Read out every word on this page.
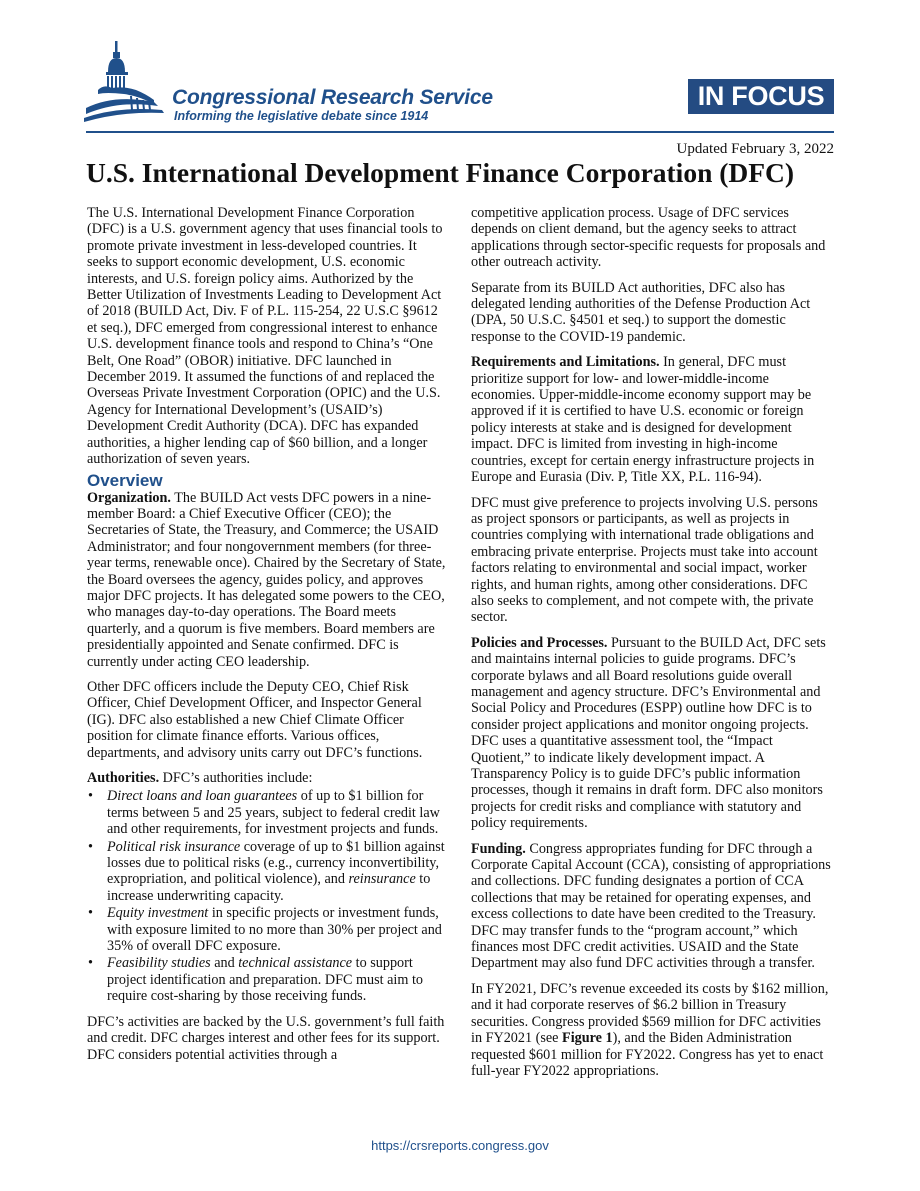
Congressional Research Service
Informing the legislative debate since 1914
IN FOCUS
Updated February 3, 2022
U.S. International Development Finance Corporation (DFC)

The U.S. International Development Finance Corporation (DFC) is a U.S. government agency that uses financial tools to promote private investment in less-developed countries. It seeks to support economic development, U.S. economic interests, and U.S. foreign policy aims. Authorized by the Better Utilization of Investments Leading to Development Act of 2018 (BUILD Act, Div. F of P.L. 115-254, 22 U.S.C §9612 et seq.), DFC emerged from congressional interest to enhance U.S. development finance tools and respond to China’s “One Belt, One Road” (OBOR) initiative. DFC launched in December 2019. It assumed the functions of and replaced the Overseas Private Investment Corporation (OPIC) and the U.S. Agency for International Development’s (USAID’s) Development Credit Authority (DCA). DFC has expanded authorities, a higher lending cap of $60 billion, and a longer authorization of seven years.

Overview

Organization. The BUILD Act vests DFC powers in a nine-member Board: a Chief Executive Officer (CEO); the Secretaries of State, the Treasury, and Commerce; the USAID Administrator; and four nongovernment members (for three-year terms, renewable once). Chaired by the Secretary of State, the Board oversees the agency, guides policy, and approves major DFC projects. It has delegated some powers to the CEO, who manages day-to-day operations. The Board meets quarterly, and a quorum is five members. Board members are presidentially appointed and Senate confirmed. DFC is currently under acting CEO leadership.

Other DFC officers include the Deputy CEO, Chief Risk Officer, Chief Development Officer, and Inspector General (IG). DFC also established a new Chief Climate Officer position for climate finance efforts. Various offices, departments, and advisory units carry out DFC’s functions.

Authorities. DFC’s authorities include:

• Direct loans and loan guarantees of up to $1 billion for terms between 5 and 25 years, subject to federal credit law and other requirements, for investment projects and funds.
• Political risk insurance coverage of up to $1 billion against losses due to political risks (e.g., currency inconvertibility, expropriation, and political violence), and reinsurance to increase underwriting capacity.
• Equity investment in specific projects or investment funds, with exposure limited to no more than 30% per project and 35% of overall DFC exposure.
• Feasibility studies and technical assistance to support project identification and preparation. DFC must aim to require cost-sharing by those receiving funds.

DFC’s activities are backed by the U.S. government’s full faith and credit. DFC charges interest and other fees for its support. DFC considers potential activities through a

competitive application process. Usage of DFC services depends on client demand, but the agency seeks to attract applications through sector-specific requests for proposals and other outreach activity.

Separate from its BUILD Act authorities, DFC also has delegated lending authorities of the Defense Production Act (DPA, 50 U.S.C. §4501 et seq.) to support the domestic response to the COVID-19 pandemic.

Requirements and Limitations. In general, DFC must prioritize support for low- and lower-middle-income economies. Upper-middle-income economy support may be approved if it is certified to have U.S. economic or foreign policy interests at stake and is designed for development impact. DFC is limited from investing in high-income countries, except for certain energy infrastructure projects in Europe and Eurasia (Div. P, Title XX, P.L. 116-94).

DFC must give preference to projects involving U.S. persons as project sponsors or participants, as well as projects in countries complying with international trade obligations and embracing private enterprise. Projects must take into account factors relating to environmental and social impact, worker rights, and human rights, among other considerations. DFC also seeks to complement, and not compete with, the private sector.

Policies and Processes. Pursuant to the BUILD Act, DFC sets and maintains internal policies to guide programs. DFC’s corporate bylaws and all Board resolutions guide overall management and agency structure. DFC’s Environmental and Social Policy and Procedures (ESPP) outline how DFC is to consider project applications and monitor ongoing projects. DFC uses a quantitative assessment tool, the “Impact Quotient,” to indicate likely development impact. A Transparency Policy is to guide DFC’s public information processes, though it remains in draft form. DFC also monitors projects for credit risks and compliance with statutory and policy requirements.

Funding. Congress appropriates funding for DFC through a Corporate Capital Account (CCA), consisting of appropriations and collections. DFC funding designates a portion of CCA collections that may be retained for operating expenses, and excess collections to date have been credited to the Treasury. DFC may transfer funds to the “program account,” which finances most DFC credit activities. USAID and the State Department may also fund DFC activities through a transfer.

In FY2021, DFC’s revenue exceeded its costs by $162 million, and it had corporate reserves of $6.2 billion in Treasury securities. Congress provided $569 million for DFC activities in FY2021 (see Figure 1), and the Biden Administration requested $601 million for FY2022. Congress has yet to enact full-year FY2022 appropriations.

https://crsreports.congress.gov
